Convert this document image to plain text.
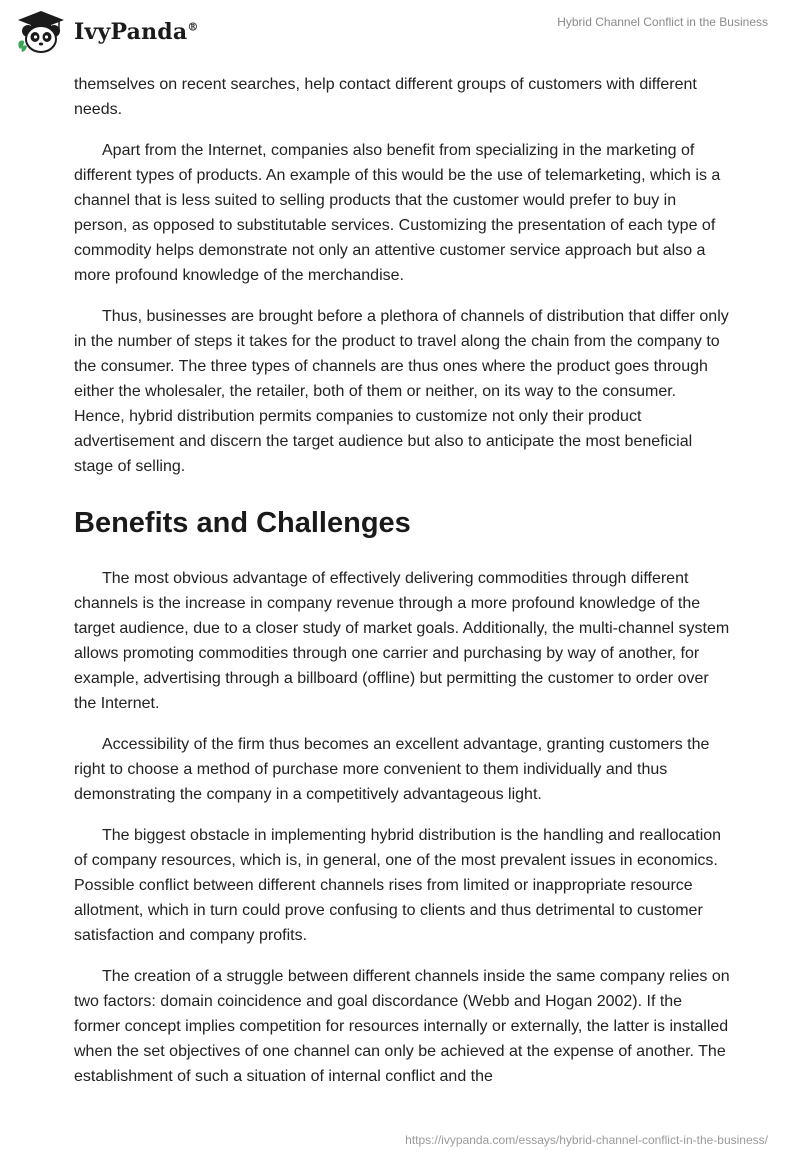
IvyPanda®	Hybrid Channel Conflict in the Business

themselves on recent searches, help contact different groups of customers with different needs.

Apart from the Internet, companies also benefit from specializing in the marketing of different types of products. An example of this would be the use of telemarketing, which is a channel that is less suited to selling products that the customer would prefer to buy in person, as opposed to substitutable services. Customizing the presentation of each type of commodity helps demonstrate not only an attentive customer service approach but also a more profound knowledge of the merchandise.

Thus, businesses are brought before a plethora of channels of distribution that differ only in the number of steps it takes for the product to travel along the chain from the company to the consumer. The three types of channels are thus ones where the product goes through either the wholesaler, the retailer, both of them or neither, on its way to the consumer. Hence, hybrid distribution permits companies to customize not only their product advertisement and discern the target audience but also to anticipate the most beneficial stage of selling.

Benefits and Challenges

The most obvious advantage of effectively delivering commodities through different channels is the increase in company revenue through a more profound knowledge of the target audience, due to a closer study of market goals. Additionally, the multi-channel system allows promoting commodities through one carrier and purchasing by way of another, for example, advertising through a billboard (offline) but permitting the customer to order over the Internet.

Accessibility of the firm thus becomes an excellent advantage, granting customers the right to choose a method of purchase more convenient to them individually and thus demonstrating the company in a competitively advantageous light.

The biggest obstacle in implementing hybrid distribution is the handling and reallocation of company resources, which is, in general, one of the most prevalent issues in economics. Possible conflict between different channels rises from limited or inappropriate resource allotment, which in turn could prove confusing to clients and thus detrimental to customer satisfaction and company profits.

The creation of a struggle between different channels inside the same company relies on two factors: domain coincidence and goal discordance (Webb and Hogan 2002). If the former concept implies competition for resources internally or externally, the latter is installed when the set objectives of one channel can only be achieved at the expense of another. The establishment of such a situation of internal conflict and the

https://ivypanda.com/essays/hybrid-channel-conflict-in-the-business/
